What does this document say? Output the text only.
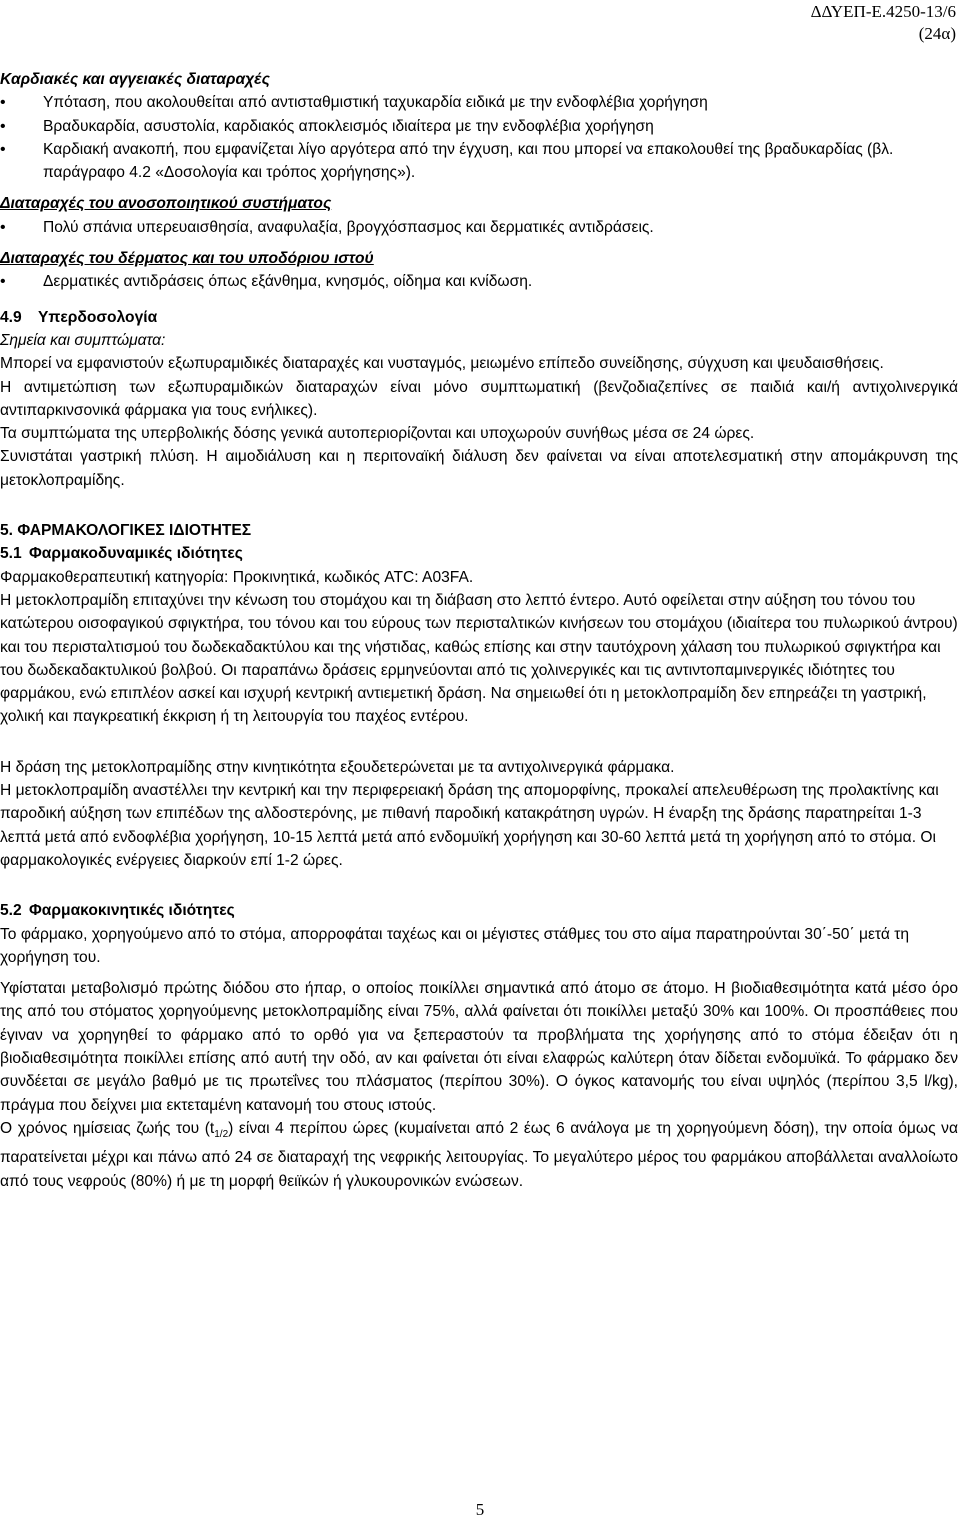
ΔΔΥΕΠ-Ε.4250-13/6
(24α)

Καρδιακές και αγγειακές διαταραχές

• Υπόταση, που ακολουθείται από αντισταθμιστική ταχυκαρδία ειδικά με την ενδοφλέβια χορήγηση
• Βραδυκαρδία, ασυστολία, καρδιακός αποκλεισμός ιδιαίτερα με την ενδοφλέβια χορήγηση
• Καρδιακή ανακοπή, που εμφανίζεται λίγο αργότερα από την έγχυση, και που μπορεί να επακολουθεί της βραδυκαρδίας (βλ. παράγραφο 4.2 «Δοσολογία και τρόπος χορήγησης»).

Διαταραχές του ανοσοποιητικού συστήματος

• Πολύ σπάνια υπερευαισθησία, αναφυλαξία, βρογχόσπασμος και δερματικές αντιδράσεις.

Διαταραχές του δέρματος και του υποδόριου ιστού

• Δερματικές αντιδράσεις όπως εξάνθημα, κνησμός, οίδημα και κνίδωση.

4.9 Υπερδοσολογία

Σημεία και συμπτώματα:

Μπορεί να εμφανιστούν εξωπυραμιδικές διαταραχές και νυσταγμός, μειωμένο επίπεδο συνείδησης, σύγχυση και ψευδαισθήσεις.

Η αντιμετώπιση των εξωπυραμιδικών διαταραχών είναι μόνο συμπτωματική (βενζοδιαζεπίνες σε παιδιά και/ή αντιχολινεργικά αντιπαρκινσονικά φάρμακα για τους ενήλικες).

Τα συμπτώματα της υπερβολικής δόσης γενικά αυτοπεριορίζονται και υποχωρούν συνήθως μέσα σε 24 ώρες.

Συνιστάται γαστρική πλύση. Η αιμοδιάλυση και η περιτοναϊκή διάλυση δεν φαίνεται να είναι αποτελεσματική στην απομάκρυνση της μετοκλοπραμίδης.

5. ΦΑΡΜΑΚΟΛΟΓΙΚΕΣ ΙΔΙΟΤΗΤΕΣ

5.1 Φαρμακοδυναμικές ιδιότητες

Φαρμακοθεραπευτική κατηγορία: Προκινητικά, κωδικός ATC: A03FA.

Η μετοκλοπραμίδη επιταχύνει την κένωση του στομάχου και τη διάβαση στο λεπτό έντερο. Αυτό οφείλεται στην αύξηση του τόνου του κατώτερου οισοφαγικού σφιγκτήρα, του τόνου και του εύρους των περισταλτικών κινήσεων του στομάχου (ιδιαίτερα του πυλωρικού άντρου) και του περισταλτισμού του δωδεκαδακτύλου και της νήστιδας, καθώς επίσης και στην ταυτόχρονη χάλαση του πυλωρικού σφιγκτήρα και του δωδεκαδακτυλικού βολβού. Οι παραπάνω δράσεις ερμηνεύονται από τις χολινεργικές και τις αντιντοπαμινεργικές ιδιότητες του φαρμάκου, ενώ επιπλέον ασκεί και ισχυρή κεντρική αντιεμετική δράση. Να σημειωθεί ότι η μετοκλοπραμίδη δεν επηρεάζει τη γαστρική, χολική και παγκρεατική έκκριση ή τη λειτουργία του παχέος εντέρου.

Η δράση της μετοκλοπραμίδης στην κινητικότητα εξουδετερώνεται με τα αντιχολινεργικά φάρμακα.

Η μετοκλοπραμίδη αναστέλλει την κεντρική και την περιφερειακή δράση της απομορφίνης, προκαλεί απελευθέρωση της προλακτίνης και παροδική αύξηση των επιπέδων της αλδοστερόνης, με πιθανή παροδική κατακράτηση υγρών. Η έναρξη της δράσης παρατηρείται 1-3 λεπτά μετά από ενδοφλέβια χορήγηση, 10-15 λεπτά μετά από ενδομυϊκή χορήγηση και 30-60 λεπτά μετά τη χορήγηση από το στόμα. Οι φαρμακολογικές ενέργειες διαρκούν επί 1-2 ώρες.

5.2 Φαρμακοκινητικές ιδιότητες

Το φάρμακο, χορηγούμενο από το στόμα, απορροφάται ταχέως και οι μέγιστες στάθμες του στο αίμα παρατηρούνται 30΄-50΄ μετά τη χορήγηση του.

Υφίσταται μεταβολισμό πρώτης διόδου στο ήπαρ, ο οποίος ποικίλλει σημαντικά από άτομο σε άτομο. Η βιοδιαθεσιμότητα κατά μέσο όρο της από του στόματος χορηγούμενης μετοκλοπραμίδης είναι 75%, αλλά φαίνεται ότι ποικίλλει μεταξύ 30% και 100%. Οι προσπάθειες που έγιναν να χορηγηθεί το φάρμακο από το ορθό για να ξεπεραστούν τα προβλήματα της χορήγησης από το στόμα έδειξαν ότι η βιοδιαθεσιμότητα ποικίλλει επίσης από αυτή την οδό, αν και φαίνεται ότι είναι ελαφρώς καλύτερη όταν δίδεται ενδομυϊκά. Το φάρμακο δεν συνδέεται σε μεγάλο βαθμό με τις πρωτεΐνες του πλάσματος (περίπου 30%). Ο όγκος κατανομής του είναι υψηλός (περίπου 3,5 l/kg), πράγμα που δείχνει μια εκτεταμένη κατανομή του στους ιστούς.

Ο χρόνος ημίσειας ζωής του $(t_{1/2})$ είναι 4 περίπου ώρες (κυμαίνεται από 2 έως 6 ανάλογα με τη χορηγούμενη δόση), την οποία όμως να παρατείνεται μέχρι και πάνω από 24 σε διαταραχή της νεφρικής λειτουργίας. Το μεγαλύτερο μέρος του φαρμάκου αποβάλλεται αναλλοίωτο από τους νεφρούς (80%) ή με τη μορφή θειϊκών ή γλυκουρονικών ενώσεων.

5
